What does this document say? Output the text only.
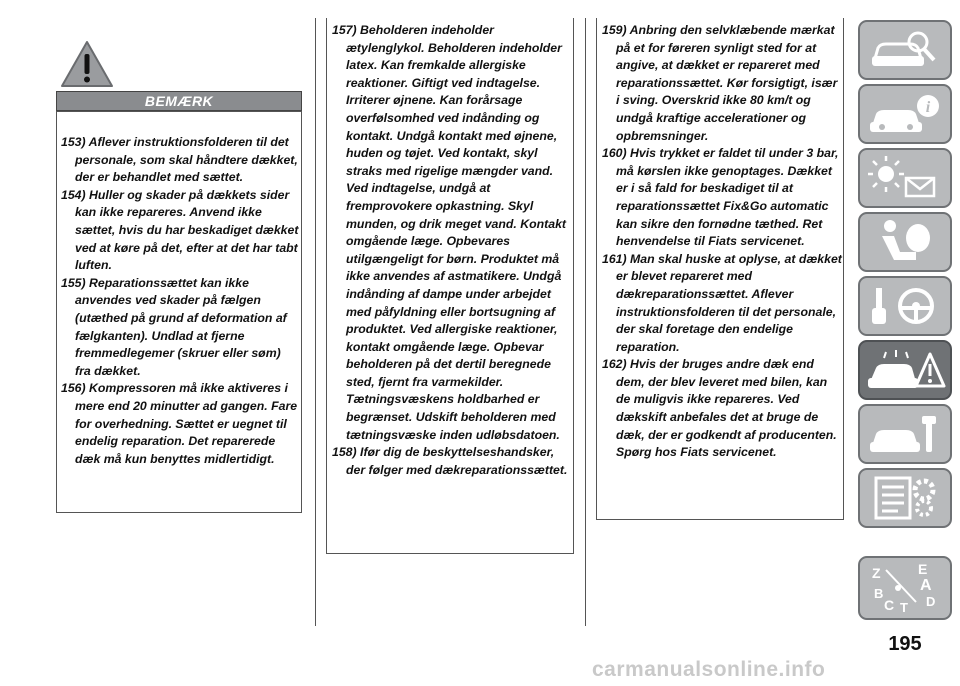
BEMÆRK
153) Aflever instruktionsfolderen til det personale, som skal håndtere dækket, der er behandlet med sættet.
154) Huller og skader på dækkets sider kan ikke repareres. Anvend ikke sættet, hvis du har beskadiget dækket ved at køre på det, efter at det har tabt luften.
155) Reparationssættet kan ikke anvendes ved skader på fælgen (utæthed på grund af deformation af fælgkanten). Undlad at fjerne fremmedlegemer (skruer eller søm) fra dækket.
156) Kompressoren må ikke aktiveres i mere end 20 minutter ad gangen. Fare for overhedning. Sættet er uegnet til endelig reparation. Det reparerede dæk må kun benyttes midlertidigt.
157) Beholderen indeholder ætylenglykol. Beholderen indeholder latex. Kan fremkalde allergiske reaktioner. Giftigt ved indtagelse. Irriterer øjnene. Kan forårsage overfølsomhed ved indånding og kontakt. Undgå kontakt med øjnene, huden og tøjet. Ved kontakt, skyl straks med rigelige mængder vand. Ved indtagelse, undgå at fremprovokere opkastning. Skyl munden, og drik meget vand. Kontakt omgående læge. Opbevares utilgængeligt for børn. Produktet må ikke anvendes af astmatikere. Undgå indånding af dampe under arbejdet med påfyldning eller bortsugning af produktet. Ved allergiske reaktioner, kontakt omgående læge. Opbevar beholderen på det dertil beregnede sted, fjernt fra varmekilder. Tætningsvæskens holdbarhed er begrænset. Udskift beholderen med tætningsvæske inden udløbsdatoen.
158) Ifør dig de beskyttelseshandsker, der følger med dækreparationssættet.
159) Anbring den selvklæbende mærkat på et for føreren synligt sted for at angive, at dækket er repareret med reparationssættet. Kør forsigtigt, især i sving. Overskrid ikke 80 km/t og undgå kraftige accelerationer og opbremsninger.
160) Hvis trykket er faldet til under 3 bar, må kørslen ikke genoptages. Dækket er i så fald for beskadiget til at reparationssættet Fix&Go automatic kan sikre den fornødne tæthed. Ret henvendelse til Fiats servicenet.
161) Man skal huske at oplyse, at dækket er blevet repareret med dækreparationssættet. Aflever instruktionsfolderen til det personale, der skal foretage den endelige reparation.
162) Hvis der bruges andre dæk end dem, der blev leveret med bilen, kan de muligvis ikke repareres. Ved dækskift anbefales det at bruge de dæk, der er godkendt af producenten. Spørg hos Fiats servicenet.
i
Z	E
A
B
C T D
195
carmanualsonline.info
